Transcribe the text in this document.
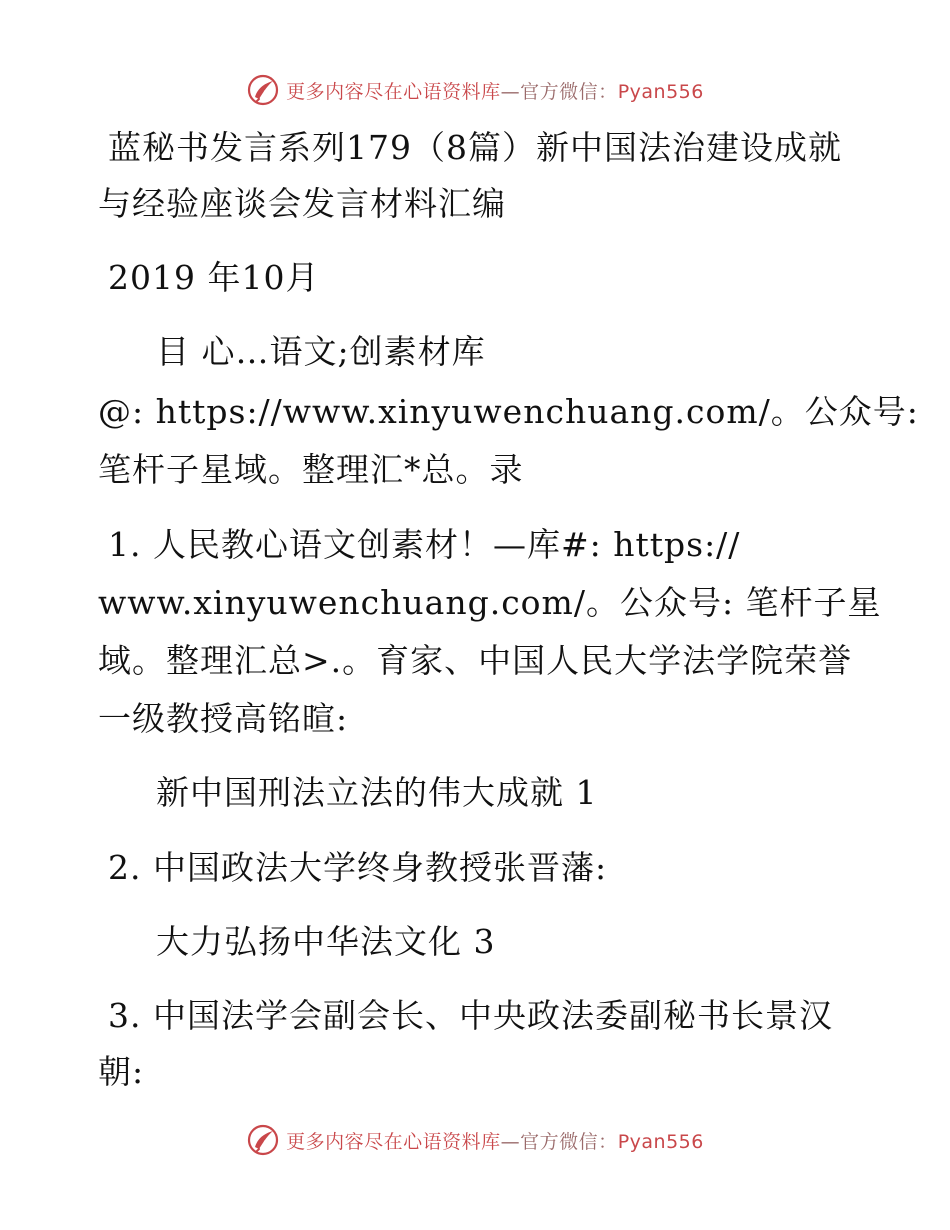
更多内容尽在心语资料库—官方微信：Pyan556
蓝秘书发言系列179（8篇）新中国法治建设成就
与经验座谈会发言材料汇编
2019 年10月
目 心…语文;创素材库
@: https://www.xinyuwenchuang.com/。公众号:
笔杆子星域。整理汇*总。录
1. 人民教心语文创素材！—库#: https://
www.xinyuwenchuang.com/。公众号: 笔杆子星
域。整理汇总>.。育家、中国人民大学法学院荣誉
一级教授高铭暄:
新中国刑法立法的伟大成就 1
2. 中国政法大学终身教授张晋藩:
大力弘扬中华法文化 3
3. 中国法学会副会长、中央政法委副秘书长景汉
朝:
更多内容尽在心语资料库—官方微信：Pyan556
